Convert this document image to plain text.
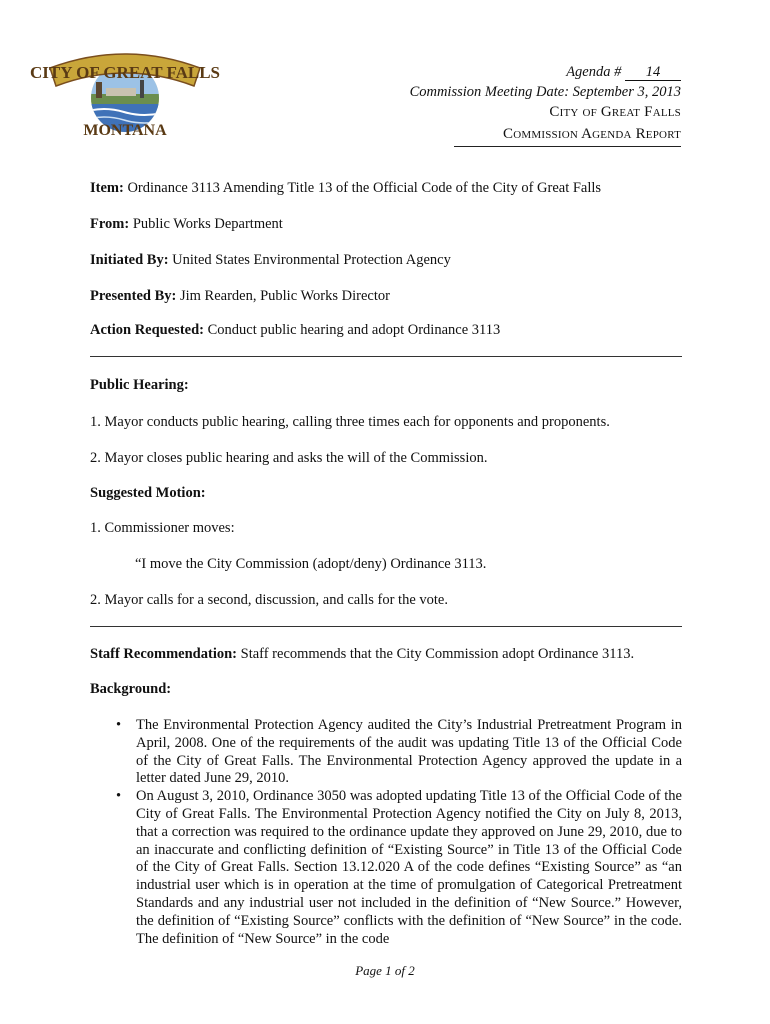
CITY OF GREAT FALLS
MONTANA
Agenda # 14
Commission Meeting Date: September 3, 2013
City of Great Falls
Commission Agenda Report
Item: Ordinance 3113 Amending Title 13 of the Official Code of the City of Great Falls
From: Public Works Department
Initiated By: United States Environmental Protection Agency
Presented By: Jim Rearden, Public Works Director
Action Requested: Conduct public hearing and adopt Ordinance 3113
Public Hearing:
1. Mayor conducts public hearing, calling three times each for opponents and proponents.
2. Mayor closes public hearing and asks the will of the Commission.
Suggested Motion:
1. Commissioner moves:
“I move the City Commission (adopt/deny) Ordinance 3113.
2. Mayor calls for a second, discussion, and calls for the vote.
Staff Recommendation: Staff recommends that the City Commission adopt Ordinance 3113.
Background:
• The Environmental Protection Agency audited the City’s Industrial Pretreatment Program in April, 2008. One of the requirements of the audit was updating Title 13 of the Official Code of the City of Great Falls. The Environmental Protection Agency approved the update in a letter dated June 29, 2010.
• On August 3, 2010, Ordinance 3050 was adopted updating Title 13 of the Official Code of the City of Great Falls. The Environmental Protection Agency notified the City on July 8, 2013, that a correction was required to the ordinance update they approved on June 29, 2010, due to an inaccurate and conflicting definition of “Existing Source” in Title 13 of the Official Code of the City of Great Falls. Section 13.12.020 A of the code defines “Existing Source” as “an industrial user which is in operation at the time of promulgation of Categorical Pretreatment Standards and any industrial user not included in the definition of “New Source.” However, the definition of “Existing Source” conflicts with the definition of “New Source” in the code. The definition of “New Source” in the code
Page 1 of 2
